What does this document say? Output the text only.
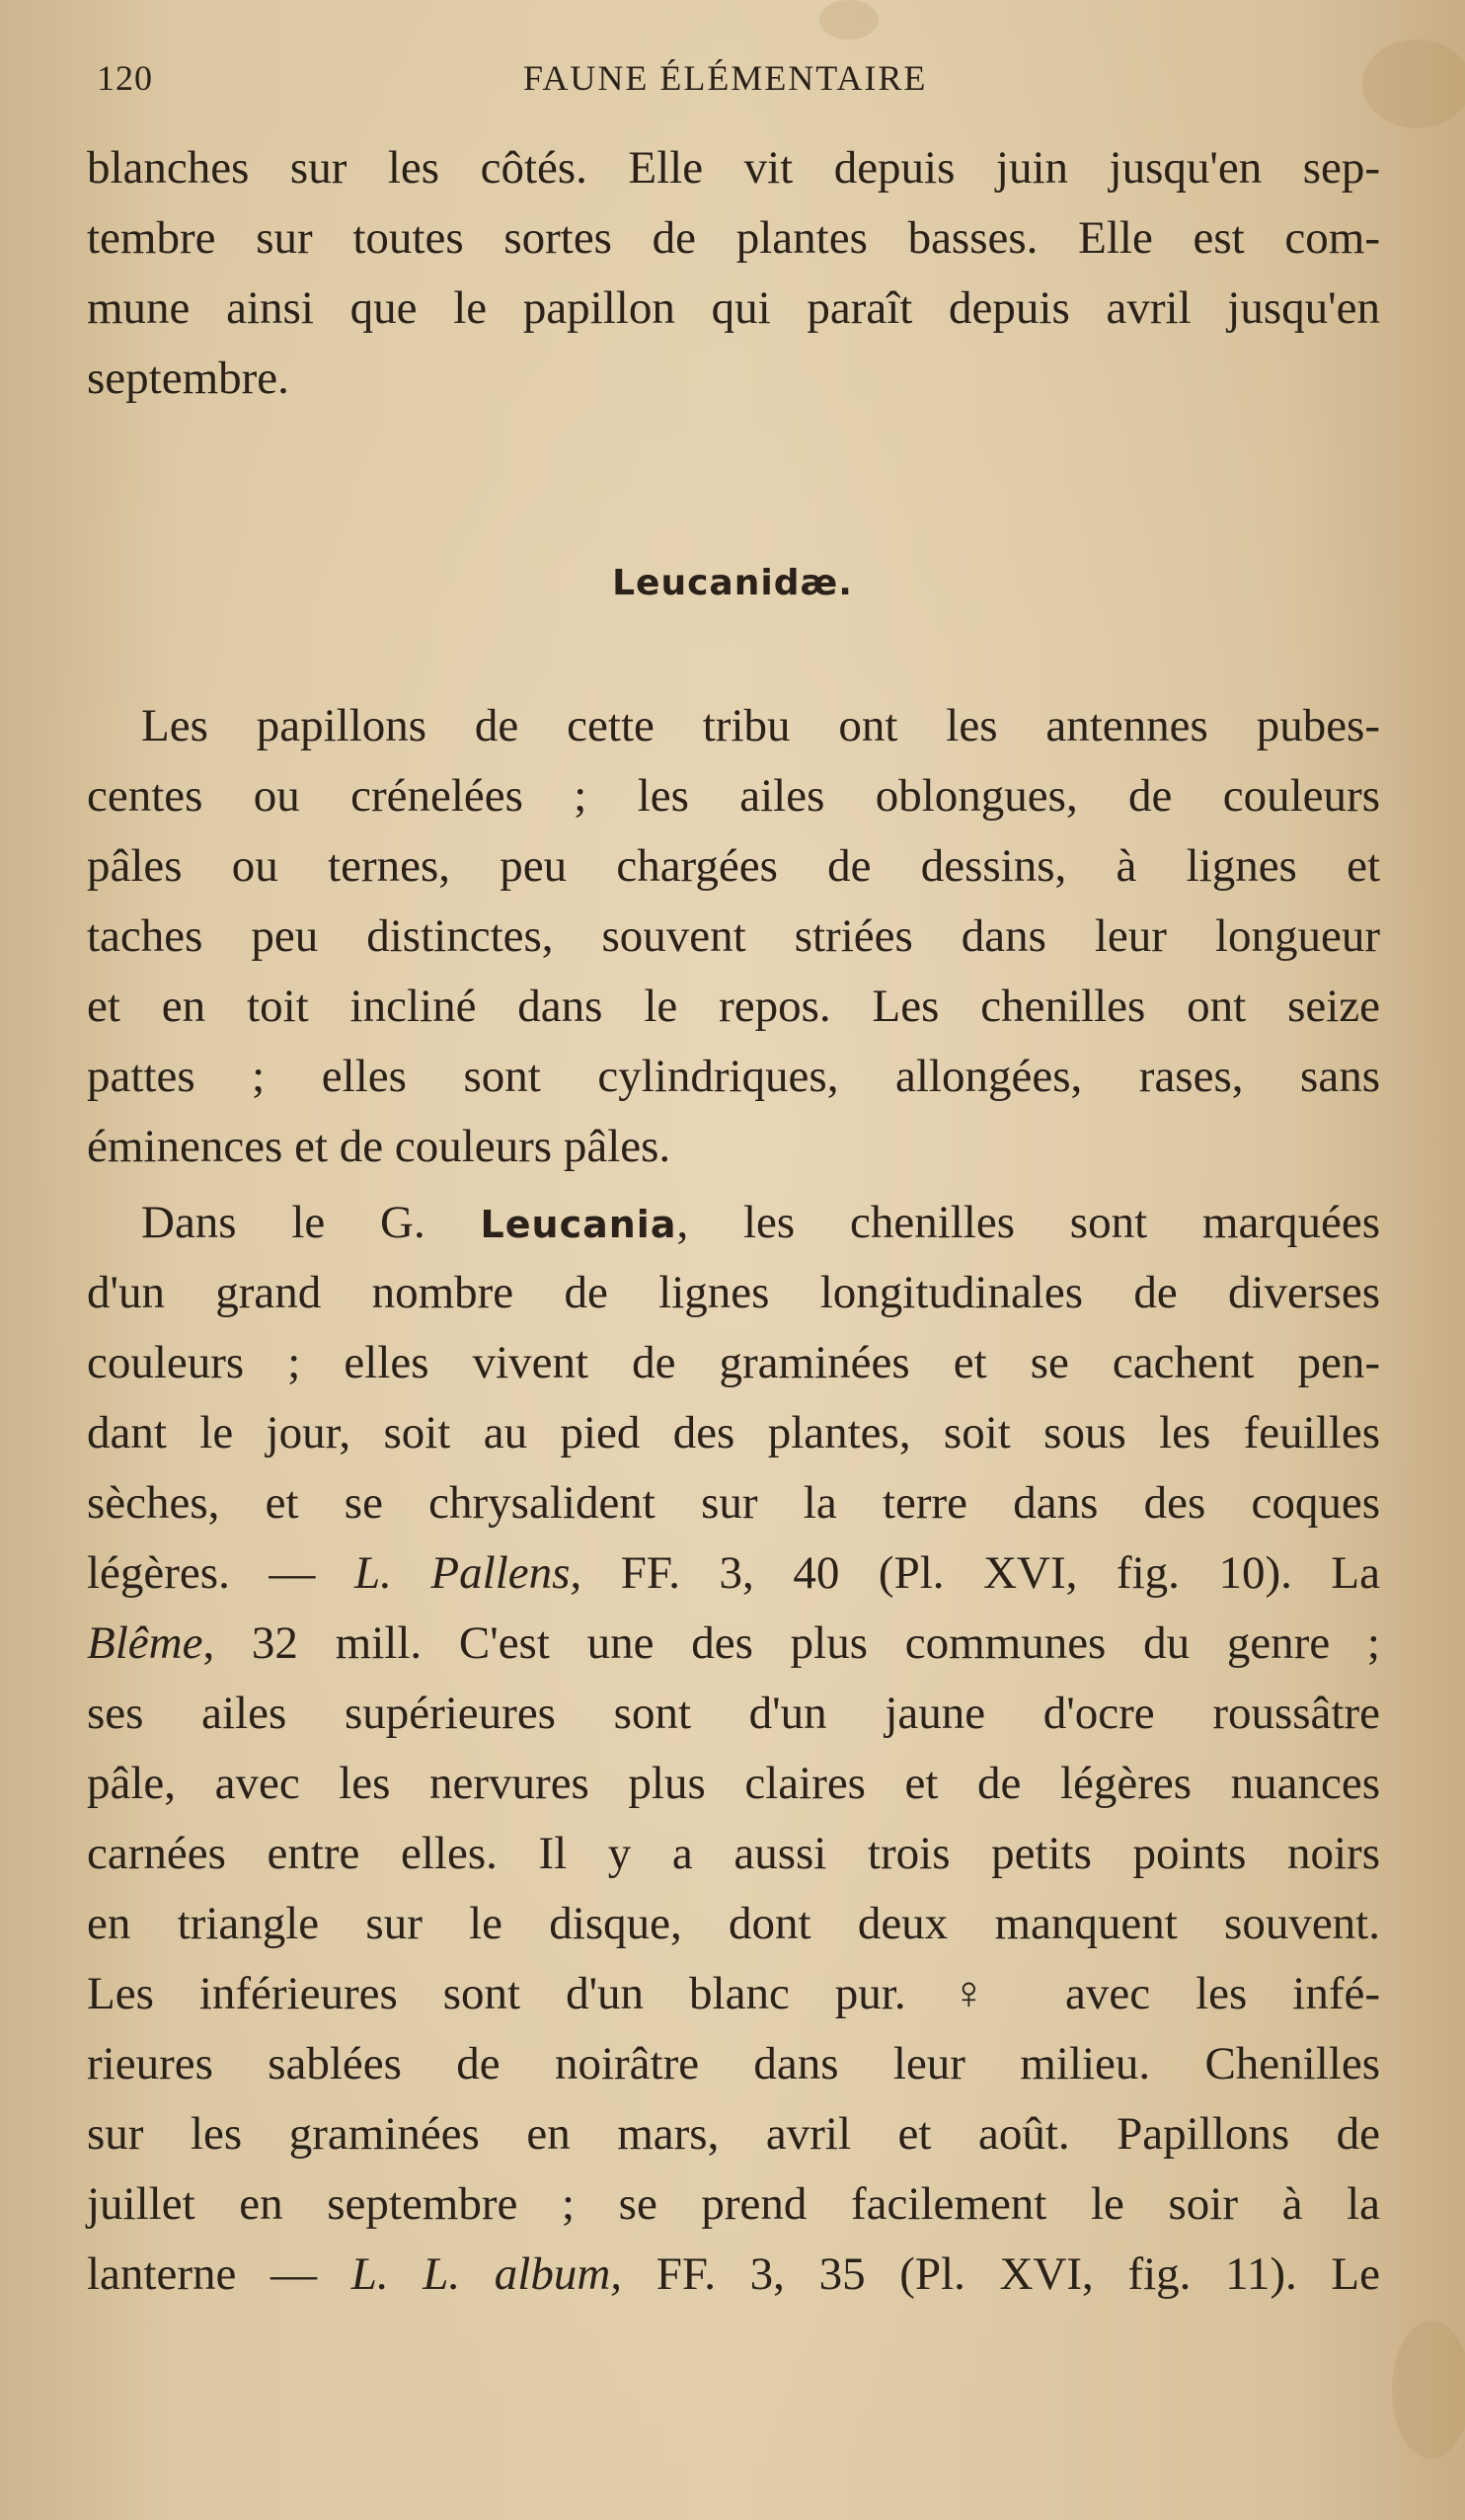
120	FAUNE ÉLÉMENTAIRE
blanches sur les côtés. Elle vit depuis juin jusqu'en sep-
tembre sur toutes sortes de plantes basses. Elle est com-
mune ainsi que le papillon qui paraît depuis avril jusqu'en
septembre.
Leucanidæ.
Les papillons de cette tribu ont les antennes pubes-
centes ou crénelées ; les ailes oblongues, de couleurs
pâles ou ternes, peu chargées de dessins, à lignes et
taches peu distinctes, souvent striées dans leur longueur
et en toit incliné dans le repos. Les chenilles ont seize
pattes ; elles sont cylindriques, allongées, rases, sans
éminences et de couleurs pâles.
Dans le G. Leucania, les chenilles sont marquées
d'un grand nombre de lignes longitudinales de diverses
couleurs ; elles vivent de graminées et se cachent pen-
dant le jour, soit au pied des plantes, soit sous les feuilles
sèches, et se chrysalident sur la terre dans des coques
légères. — L. Pallens, FF. 3, 40 (Pl. XVI, fig. 10). La
Blême, 32 mill. C'est une des plus communes du genre ;
ses ailes supérieures sont d'un jaune d'ocre roussâtre
pâle, avec les nervures plus claires et de légères nuances
carnées entre elles. Il y a aussi trois petits points noirs
en triangle sur le disque, dont deux manquent souvent.
Les inférieures sont d'un blanc pur. ♀ avec les infé-
rieures sablées de noirâtre dans leur milieu. Chenilles
sur les graminées en mars, avril et août. Papillons de
juillet en septembre ; se prend facilement le soir à la
lanterne — L. L. album, FF. 3, 35 (Pl. XVI, fig. 11). Le
